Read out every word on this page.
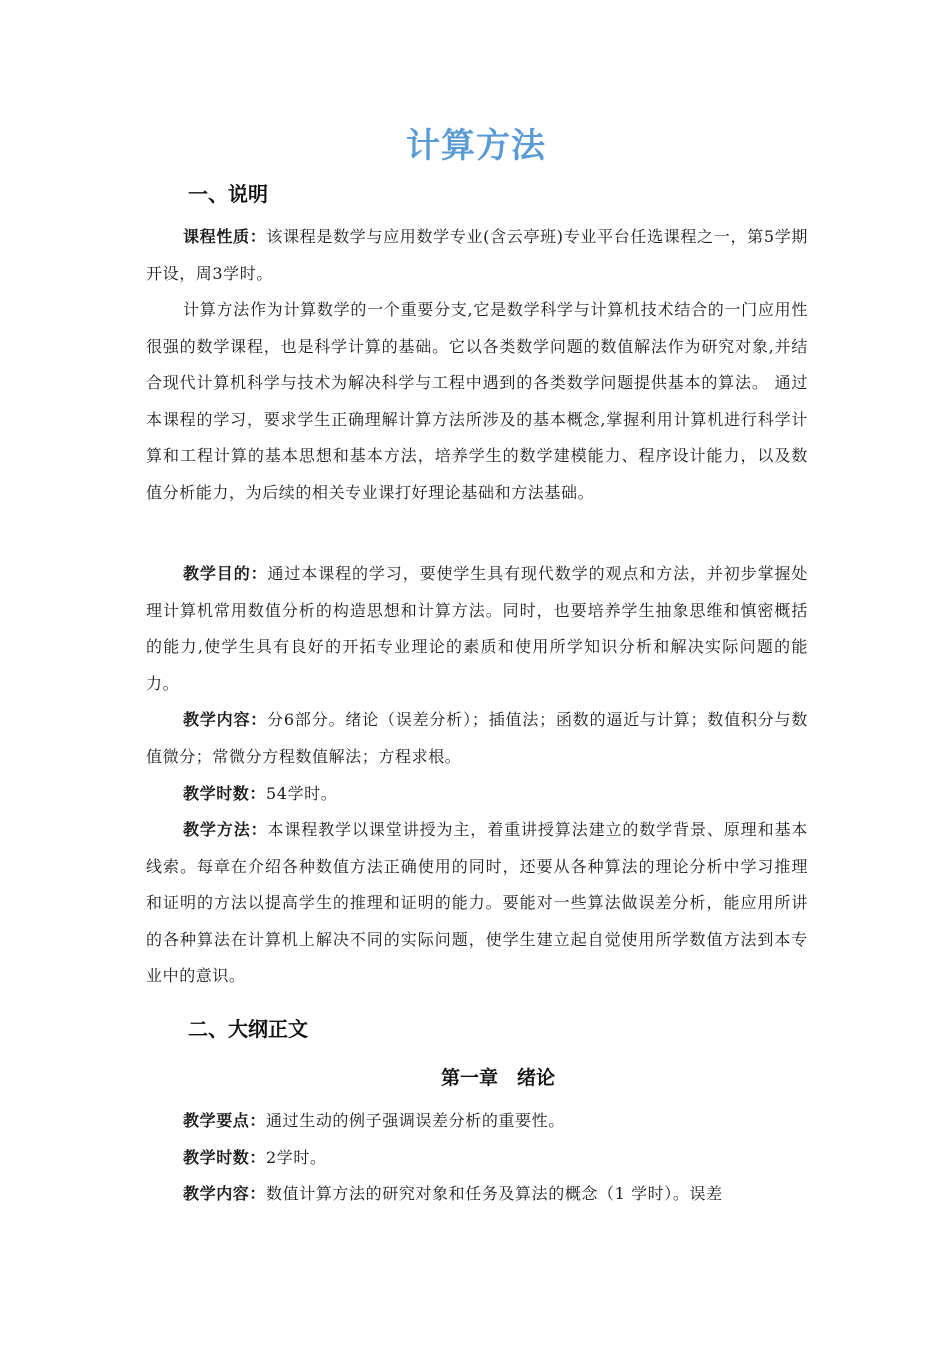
计算方法
一、说明
课程性质：该课程是数学与应用数学专业(含云亭班)专业平台任选课程之一，第5学期开设，周3学时。
计算方法作为计算数学的一个重要分支,它是数学科学与计算机技术结合的一门应用性很强的数学课程，也是科学计算的基础。它以各类数学问题的数值解法作为研究对象,并结合现代计算机科学与技术为解决科学与工程中遇到的各类数学问题提供基本的算法。 通过本课程的学习，要求学生正确理解计算方法所涉及的基本概念,掌握利用计算机进行科学计算和工程计算的基本思想和基本方法，培养学生的数学建模能力、程序设计能力，以及数值分析能力，为后续的相关专业课打好理论基础和方法基础。
教学目的：通过本课程的学习，要使学生具有现代数学的观点和方法，并初步掌握处理计算机常用数值分析的构造思想和计算方法。同时，也要培养学生抽象思维和慎密概括的能力,使学生具有良好的开拓专业理论的素质和使用所学知识分析和解决实际问题的能力。
教学内容：分6部分。绪论（误差分析）；插值法；函数的逼近与计算；数值积分与数值微分；常微分方程数值解法；方程求根。
教学时数：54学时。
教学方法：本课程教学以课堂讲授为主，着重讲授算法建立的数学背景、原理和基本线索。每章在介绍各种数值方法正确使用的同时，还要从各种算法的理论分析中学习推理和证明的方法以提高学生的推理和证明的能力。要能对一些算法做误差分析，能应用所讲的各种算法在计算机上解决不同的实际问题，使学生建立起自觉使用所学数值方法到本专业中的意识。
二、大纲正文
第一章　绪论
教学要点：通过生动的例子强调误差分析的重要性。
教学时数：2学时。
教学内容：数值计算方法的研究对象和任务及算法的概念（1 学时）。误差
